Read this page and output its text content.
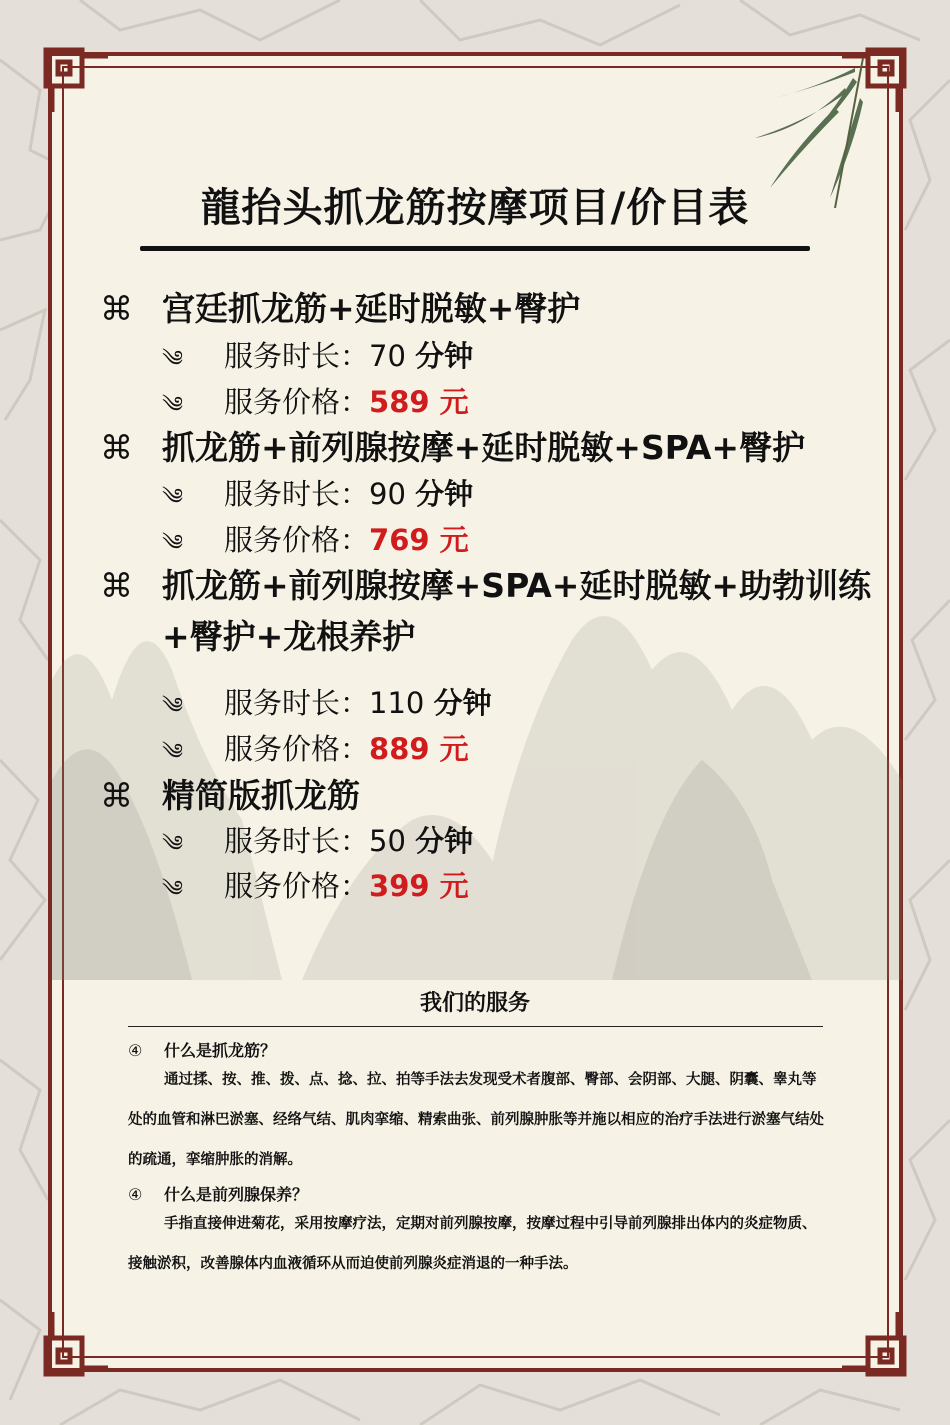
龍抬头抓龙筋按摩项目/价目表
⌘ 宫廷抓龙筋+延时脱敏+臀护
༄ 服务时长：70 分钟
༄ 服务价格：589 元
⌘ 抓龙筋+前列腺按摩+延时脱敏+SPA+臀护
༄ 服务时长：90 分钟
༄ 服务价格：769 元
⌘ 抓龙筋+前列腺按摩+SPA+延时脱敏+助勃训练
+臀护+龙根养护
༄ 服务时长：110 分钟
༄ 服务价格：889 元
⌘ 精简版抓龙筋
༄ 服务时长：50 分钟
༄ 服务价格：399 元
我们的服务
④ 什么是抓龙筋？
通过揉、按、推、拨、点、捻、拉、拍等手法去发现受术者腹部、臀部、会阴部、大腿、阴囊、睾丸等处的血管和淋巴淤塞、经络气结、肌肉挛缩、精索曲张、前列腺肿胀等并施以相应的治疗手法进行淤塞气结处的疏通，挛缩肿胀的消解。
④ 什么是前列腺保养？
手指直接伸进菊花，采用按摩疗法，定期对前列腺按摩，按摩过程中引导前列腺排出体内的炎症物质、接触淤积，改善腺体内血液循环从而迫使前列腺炎症消退的一种手法。
